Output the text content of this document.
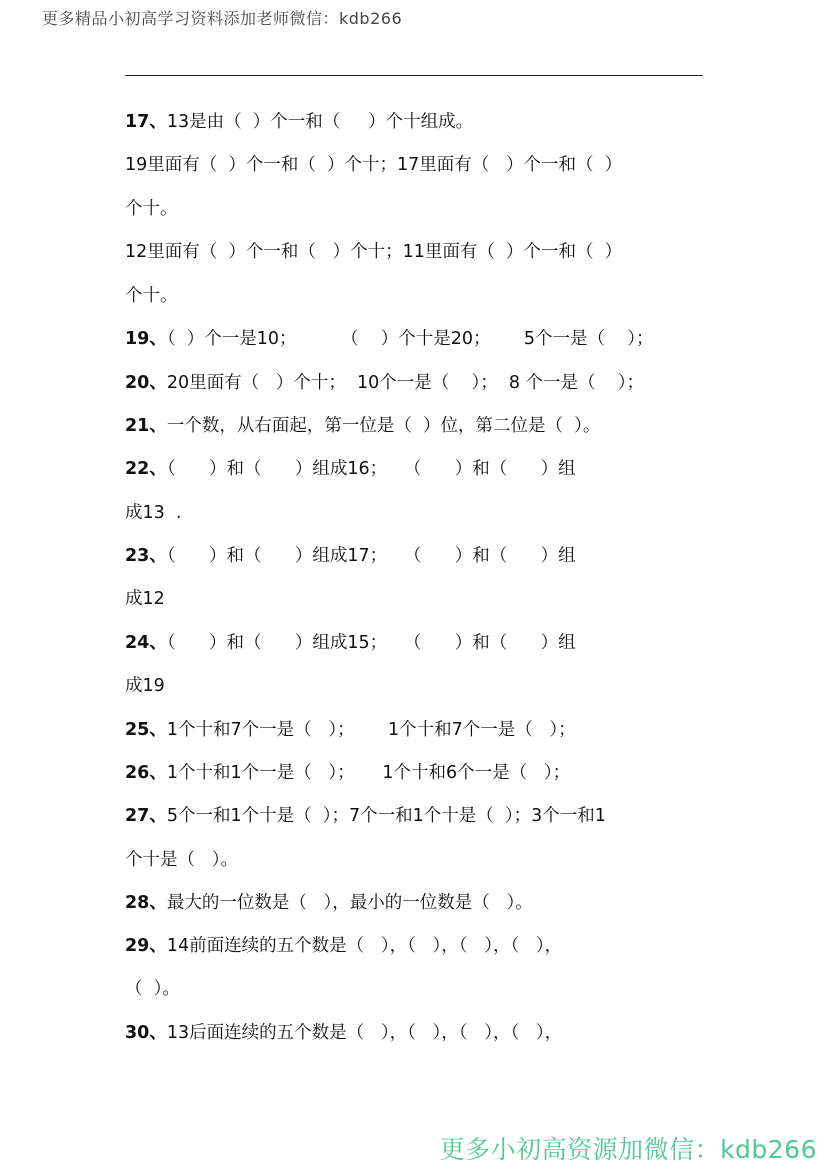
更多精品小初高学习资料添加老师微信：kdb266
17、13是由（  ）个一和（     ）个十组成。
19里面有（  ）个一和（  ）个十；17里面有（   ）个一和（  ）
个十。
12里面有（  ）个一和（   ）个十；11里面有（  ）个一和（  ）
个十。
19、（  ）个一是10；        （    ）个十是20；      5个一是（    ）；
20、20里面有（   ）个十；  10个一是（    ）；  8 个一是（    ）；
21、一个数，从右面起，第一位是（  ）位，第二位是（  ）。
22、（      ）和（      ）组成16；   （      ）和（      ）组
成13  .
23、（      ）和（      ）组成17；   （      ）和（      ）组
成12
24、（      ）和（      ）组成15；   （      ）和（      ）组
成19
25、1个十和7个一是（   ）；      1个十和7个一是（   ）；
26、1个十和1个一是（   ）；     1个十和6个一是（   ）；
27、5个一和1个十是（  ）；7个一和1个十是（  ）；3个一和1
个十是（   ）。
28、最大的一位数是（   ），最小的一位数是（   ）。
29、14前面连续的五个数是（   ），（   ），（   ），（   ），
（  ）。
30、13后面连续的五个数是（   ），（   ），（   ），（   ），
更多小初高资源加微信：kdb266
